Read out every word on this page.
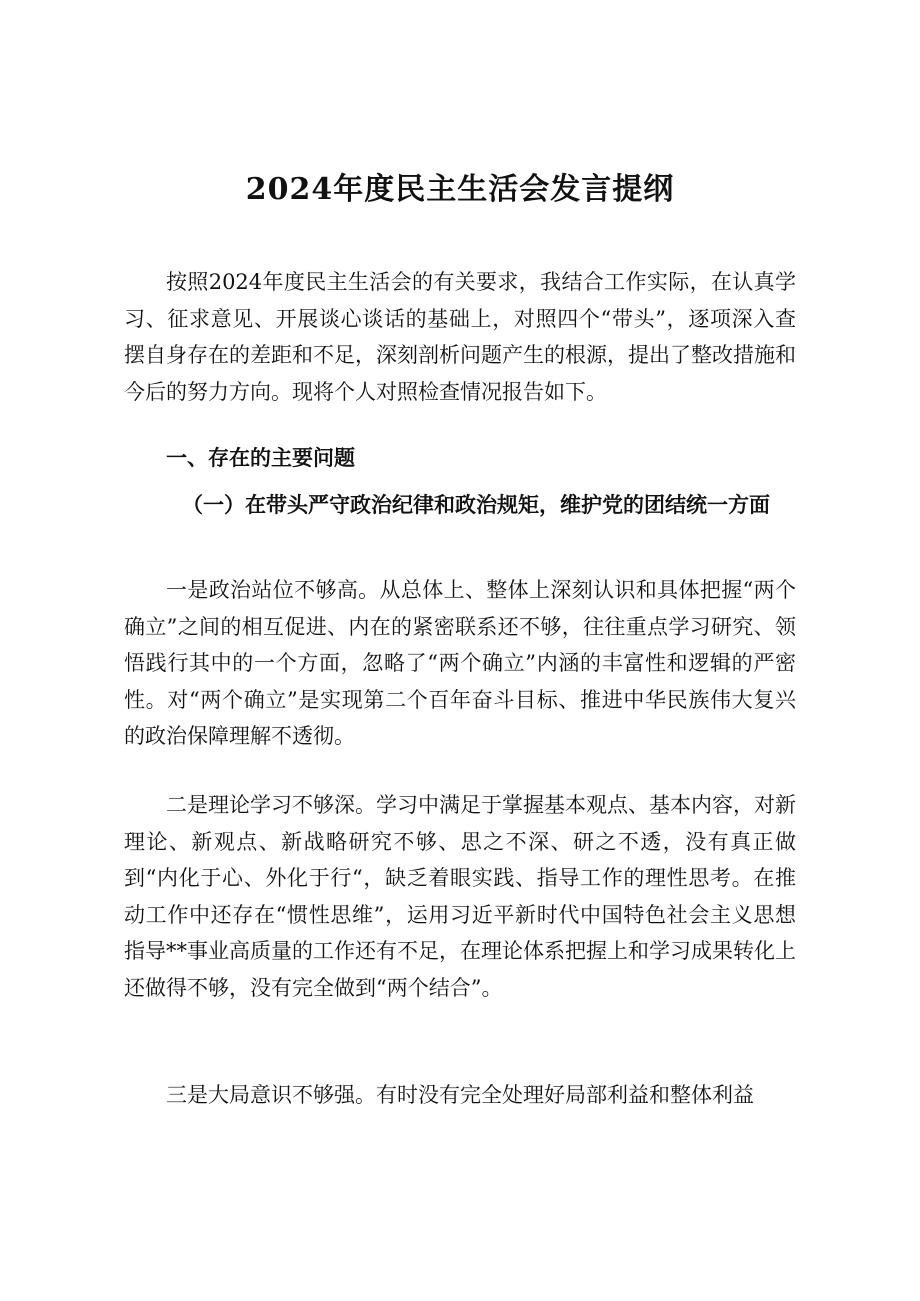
2024年度民主生活会发言提纲

按照2024年度民主生活会的有关要求，我结合工作实际，在认真学习、征求意见、开展谈心谈话的基础上，对照四个“带头”，逐项深入查摆自身存在的差距和不足，深刻剖析问题产生的根源，提出了整改措施和今后的努力方向。现将个人对照检查情况报告如下。

一、存在的主要问题

（一）在带头严守政治纪律和政治规矩，维护党的团结统一方面

一是政治站位不够高。从总体上、整体上深刻认识和具体把握“两个确立”之间的相互促进、内在的紧密联系还不够，往往重点学习研究、领悟践行其中的一个方面，忽略了“两个确立”内涵的丰富性和逻辑的严密性。对“两个确立”是实现第二个百年奋斗目标、推进中华民族伟大复兴的政治保障理解不透彻。

二是理论学习不够深。学习中满足于掌握基本观点、基本内容，对新理论、新观点、新战略研究不够、思之不深、研之不透，没有真正做到“内化于心、外化于行“，缺乏着眼实践、指导工作的理性思考。在推动工作中还存在“惯性思维”，运用习近平新时代中国特色社会主义思想指导**事业高质量的工作还有不足，在理论体系把握上和学习成果转化上还做得不够，没有完全做到“两个结合”。

三是大局意识不够强。有时没有完全处理好局部利益和整体利益
